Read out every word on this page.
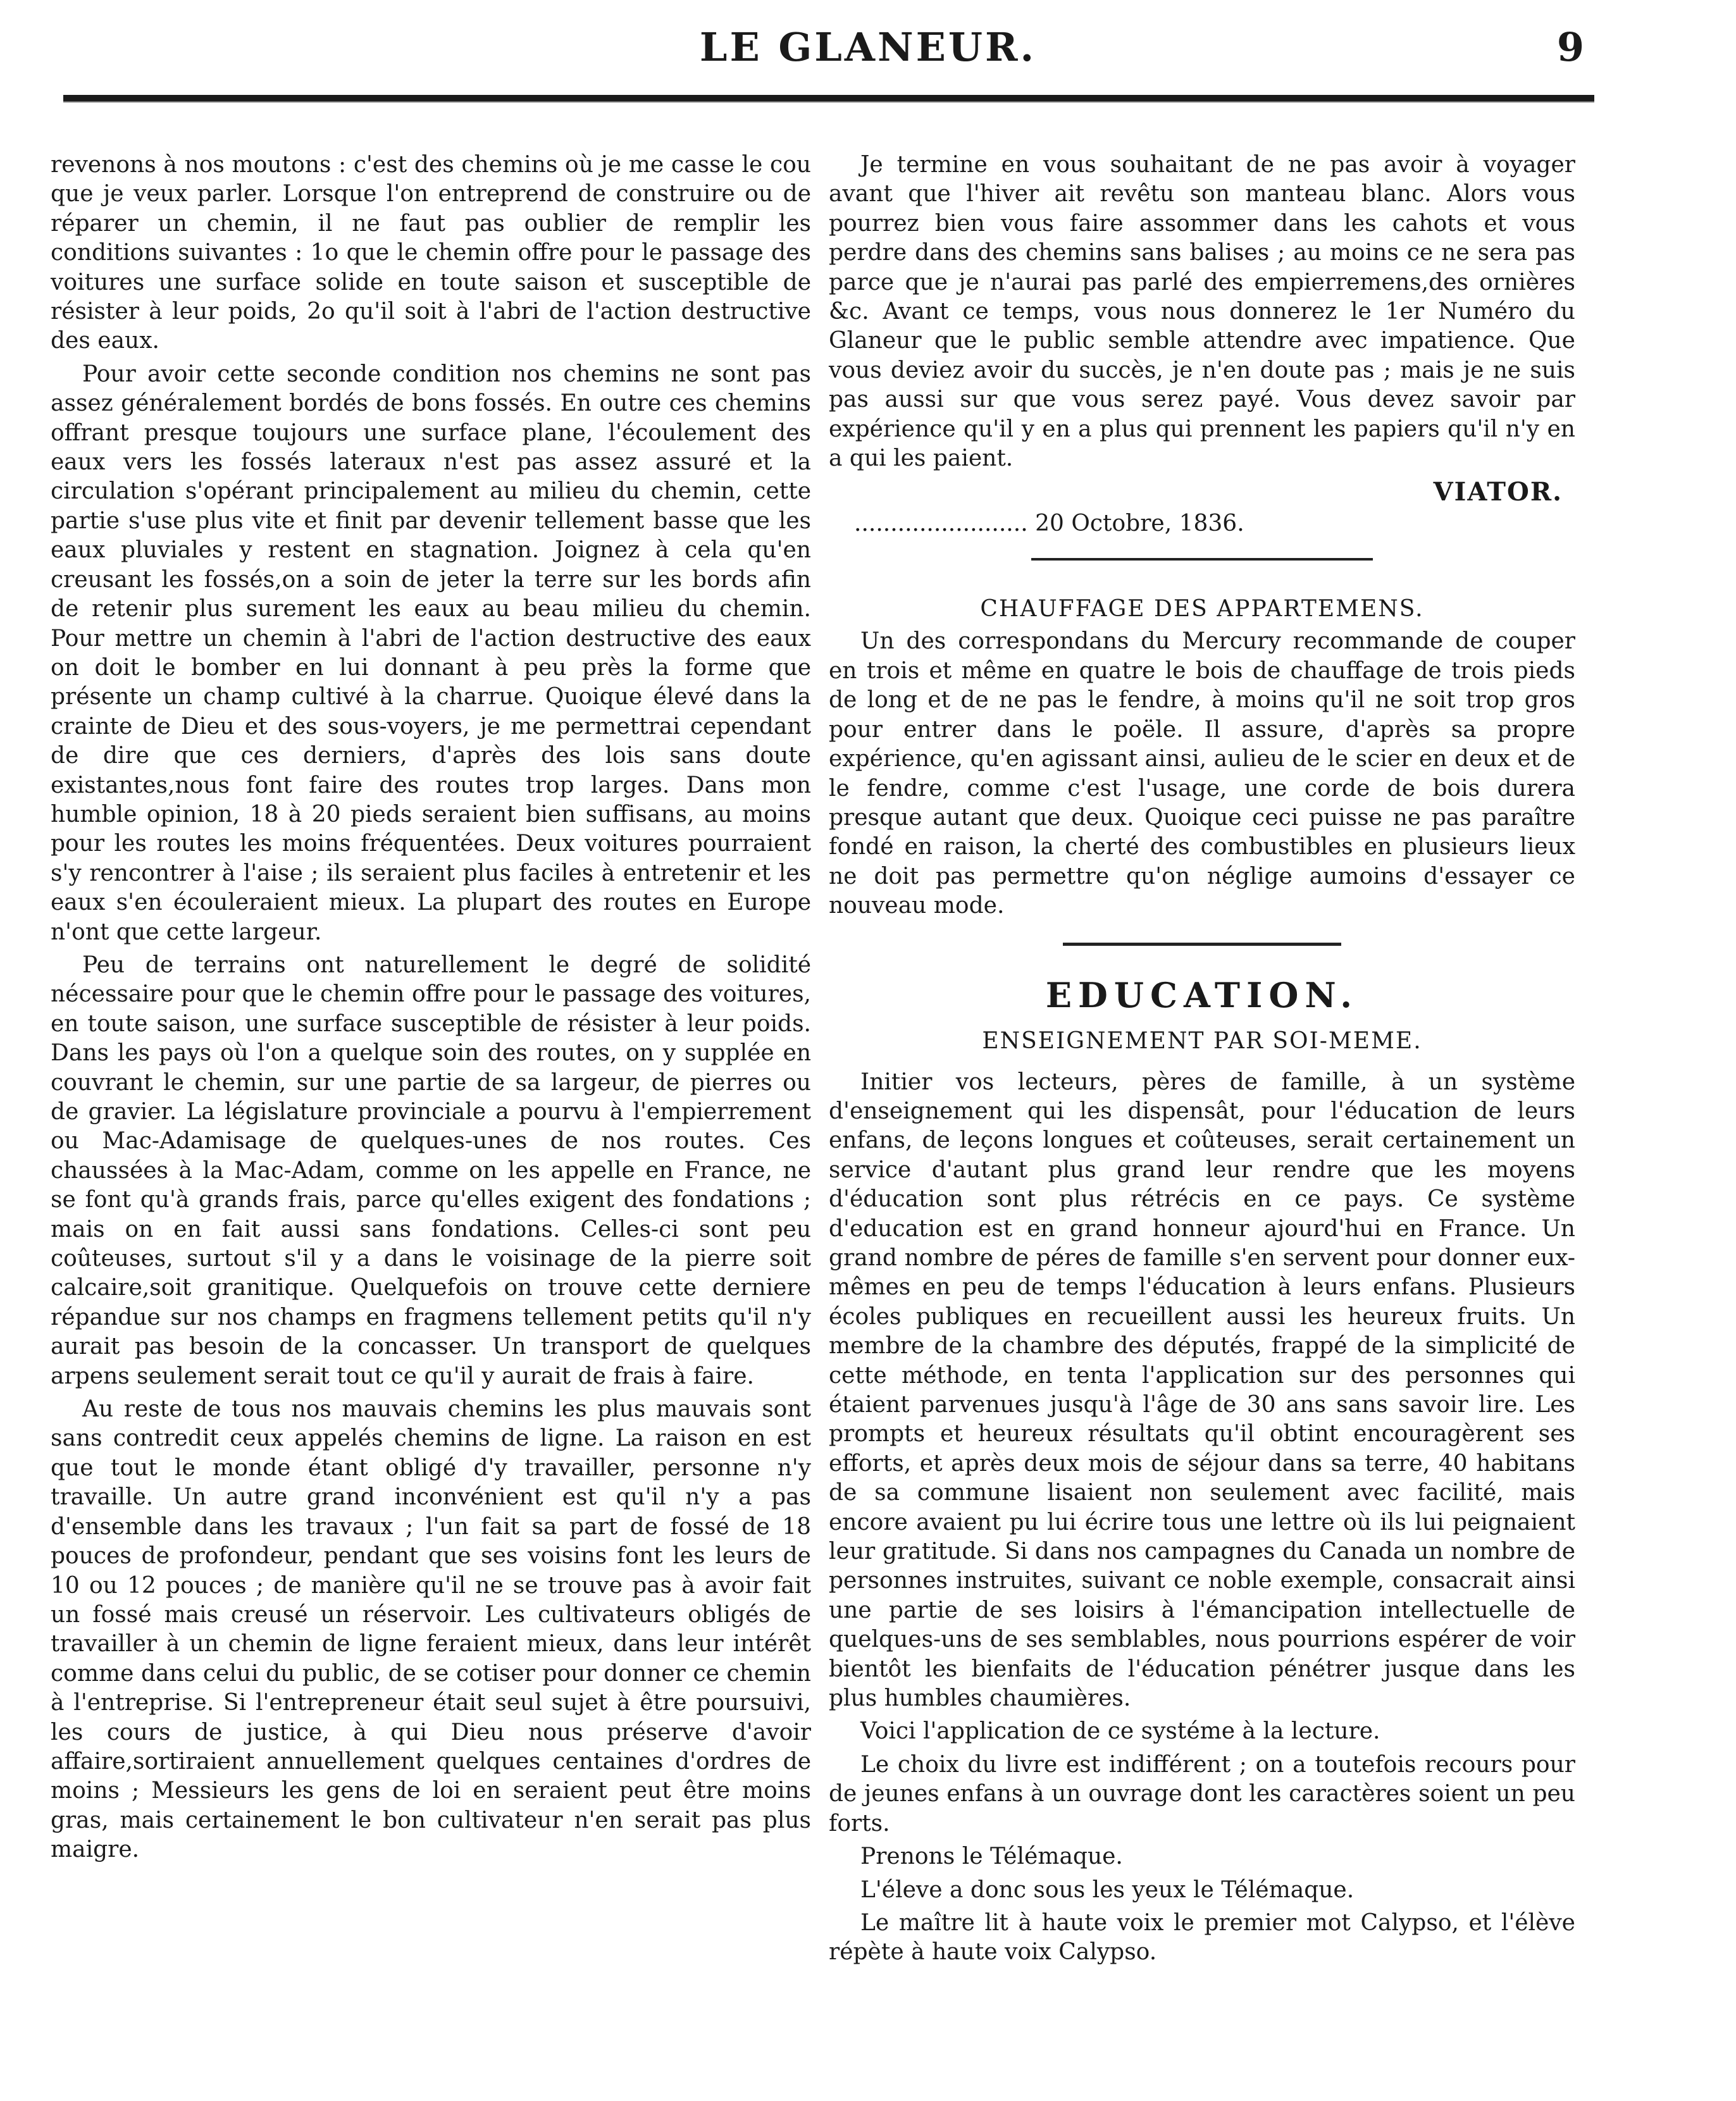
LE GLANEUR.	9

revenons à nos moutons : c'est des chemins où je me casse le cou que je veux parler. Lorsque l'on entreprend de construire ou de réparer un chemin, il ne faut pas oublier de remplir les conditions suivantes : 1o que le chemin offre pour le passage des voitures une surface solide en toute saison et susceptible de résister à leur poids, 2o qu'il soit à l'abri de l'action destructive des eaux.

Pour avoir cette seconde condition nos chemins ne sont pas assez généralement bordés de bons fossés. En outre ces chemins offrant presque toujours une surface plane, l'écoulement des eaux vers les fossés lateraux n'est pas assez assuré et la circulation s'opérant principalement au milieu du chemin, cette partie s'use plus vite et finit par devenir tellement basse que les eaux pluviales y restent en stagnation. Joignez à cela qu'en creusant les fossés,on a soin de jeter la terre sur les bords afin de retenir plus surement les eaux au beau milieu du chemin. Pour mettre un chemin à l'abri de l'action destructive des eaux on doit le bomber en lui donnant à peu près la forme que présente un champ cultivé à la charrue. Quoique élevé dans la crainte de Dieu et des sous-voyers, je me permettrai cependant de dire que ces derniers, d'après des lois sans doute existantes,nous font faire des routes trop larges. Dans mon humble opinion, 18 à 20 pieds seraient bien suffisans, au moins pour les routes les moins fréquentées. Deux voitures pourraient s'y rencontrer à l'aise ; ils seraient plus faciles à entretenir et les eaux s'en écouleraient mieux. La plupart des routes en Europe n'ont que cette largeur.

Peu de terrains ont naturellement le degré de solidité nécessaire pour que le chemin offre pour le passage des voitures, en toute saison, une surface susceptible de résister à leur poids. Dans les pays où l'on a quelque soin des routes, on y supplée en couvrant le chemin, sur une partie de sa largeur, de pierres ou de gravier. La législature provinciale a pourvu à l'empierrement ou Mac-Adamisage de quelques-unes de nos routes. Ces chaussées à la Mac-Adam, comme on les appelle en France, ne se font qu'à grands frais, parce qu'elles exigent des fondations ; mais on en fait aussi sans fondations. Celles-ci sont peu coûteuses, surtout s'il y a dans le voisinage de la pierre soit calcaire,soit granitique. Quelquefois on trouve cette derniere répandue sur nos champs en fragmens tellement petits qu'il n'y aurait pas besoin de la concasser. Un transport de quelques arpens seulement serait tout ce qu'il y aurait de frais à faire.

Au reste de tous nos mauvais chemins les plus mauvais sont sans contredit ceux appelés chemins de ligne. La raison en est que tout le monde étant obligé d'y travailler, personne n'y travaille. Un autre grand inconvénient est qu'il n'y a pas d'ensemble dans les travaux ; l'un fait sa part de fossé de 18 pouces de profondeur, pendant que ses voisins font les leurs de 10 ou 12 pouces ; de manière qu'il ne se trouve pas à avoir fait un fossé mais creusé un réservoir. Les cultivateurs obligés de travailler à un chemin de ligne feraient mieux, dans leur intérêt comme dans celui du public, de se cotiser pour donner ce chemin à l'entreprise. Si l'entrepreneur était seul sujet à être poursuivi, les cours de justice, à qui Dieu nous préserve d'avoir affaire,sortiraient annuellement quelques centaines d'ordres de moins ; Messieurs les gens de loi en seraient peut être moins gras, mais certainement le bon cultivateur n'en serait pas plus maigre.

Je termine en vous souhaitant de ne pas avoir à voyager avant que l'hiver ait revêtu son manteau blanc. Alors vous pourrez bien vous faire assommer dans les cahots et vous perdre dans des chemins sans balises ; au moins ce ne sera pas parce que je n'aurai pas parlé des empierremens,des ornières &c. Avant ce temps, vous nous donnerez le 1er Numéro du Glaneur que le public semble attendre avec impatience. Que vous deviez avoir du succès, je n'en doute pas ; mais je ne suis pas aussi sur que vous serez payé. Vous devez savoir par expérience qu'il y en a plus qui prennent les papiers qu'il n'y en a qui les paient.

VIATOR.
........................ 20 Octobre, 1836.
CHAUFFAGE DES APPARTEMENS.

Un des correspondans du Mercury recommande de couper en trois et même en quatre le bois de chauffage de trois pieds de long et de ne pas le fendre, à moins qu'il ne soit trop gros pour entrer dans le poële. Il assure, d'après sa propre expérience, qu'en agissant ainsi, aulieu de le scier en deux et de le fendre, comme c'est l'usage, une corde de bois durera presque autant que deux. Quoique ceci puisse ne pas paraître fondé en raison, la cherté des combustibles en plusieurs lieux ne doit pas permettre qu'on néglige aumoins d'essayer ce nouveau mode.

EDUCATION.
ENSEIGNEMENT PAR SOI-MEME.

Initier vos lecteurs, pères de famille, à un système d'enseignement qui les dispensât, pour l'éducation de leurs enfans, de leçons longues et coûteuses, serait certainement un service d'autant plus grand leur rendre que les moyens d'éducation sont plus rétrécis en ce pays. Ce système d'education est en grand honneur ajourd'hui en France. Un grand nombre de péres de famille s'en servent pour donner eux-mêmes en peu de temps l'éducation à leurs enfans. Plusieurs écoles publiques en recueillent aussi les heureux fruits. Un membre de la chambre des députés, frappé de la simplicité de cette méthode, en tenta l'application sur des personnes qui étaient parvenues jusqu'à l'âge de 30 ans sans savoir lire. Les prompts et heureux résultats qu'il obtint encouragèrent ses efforts, et après deux mois de séjour dans sa terre, 40 habitans de sa commune lisaient non seulement avec facilité, mais encore avaient pu lui écrire tous une lettre où ils lui peignaient leur gratitude. Si dans nos campagnes du Canada un nombre de personnes instruites, suivant ce noble exemple, consacrait ainsi une partie de ses loisirs à l'émancipation intellectuelle de quelques-uns de ses semblables, nous pourrions espérer de voir bientôt les bienfaits de l'éducation pénétrer jusque dans les plus humbles chaumières.

Voici l'application de ce systéme à la lecture.

Le choix du livre est indifférent ; on a toutefois recours pour de jeunes enfans à un ouvrage dont les caractères soient un peu forts.

Prenons le Télémaque.

L'éleve a donc sous les yeux le Télémaque.

Le maître lit à haute voix le premier mot Calypso, et l'élève répète à haute voix Calypso.
